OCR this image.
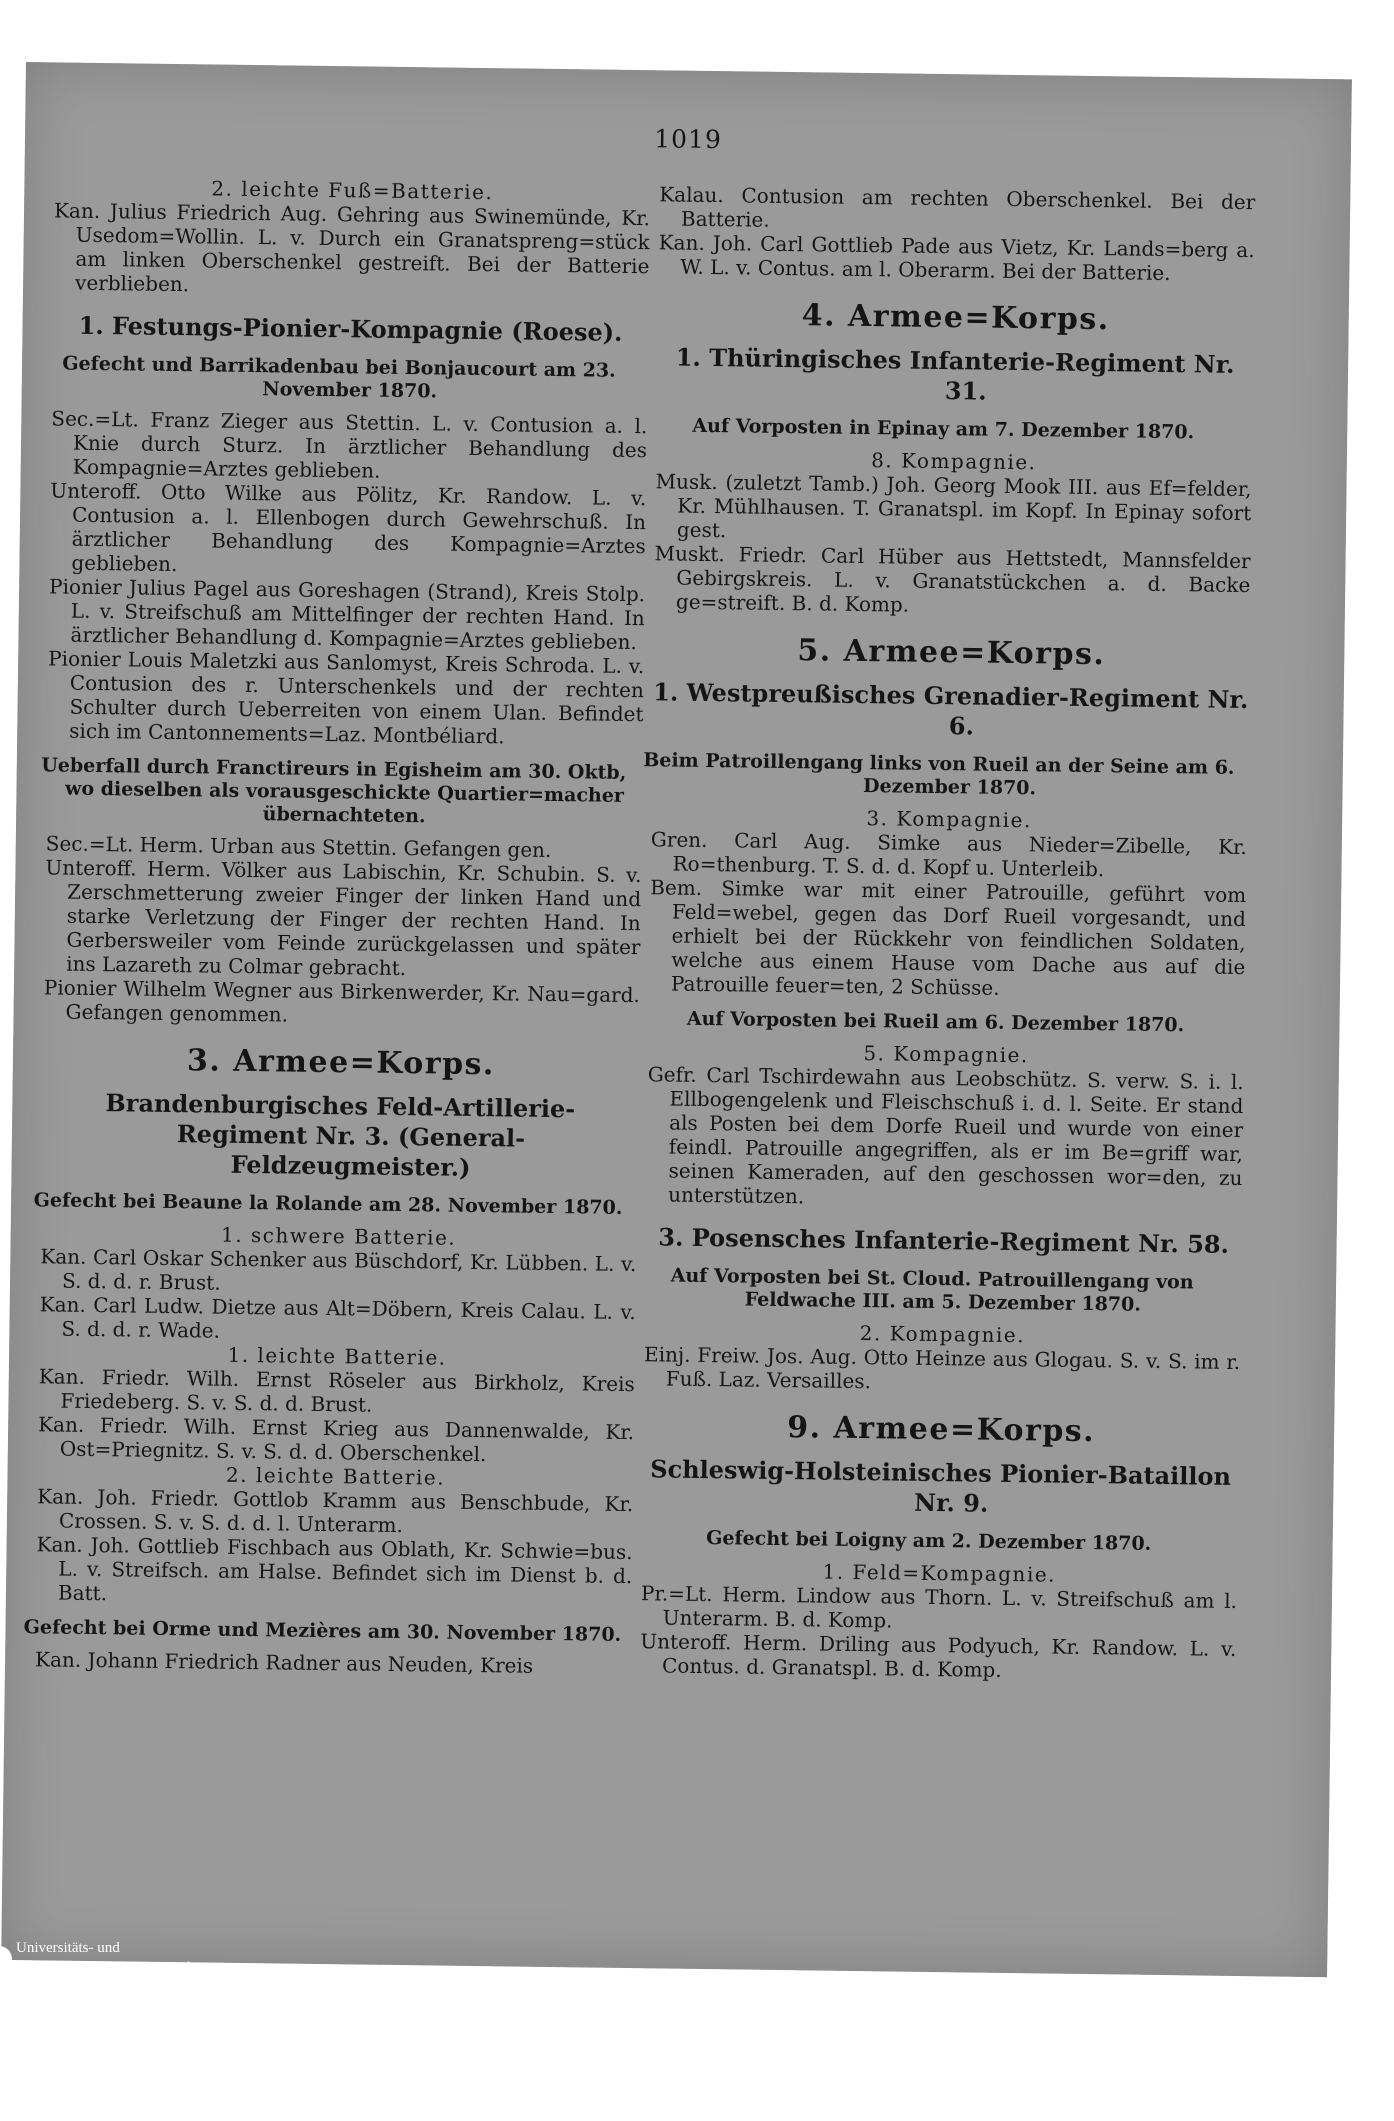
1019

2. leichte Fuß=Batterie.

Kan. Julius Friedrich Aug. Gehring aus Swinemünde, Kr. Usedom=Wollin. L. v. Durch ein Granatspreng=stück am linken Oberschenkel gestreift. Bei der Batterie verblieben.

1. Festungs-Pionier-Kompagnie (Roese).

Gefecht und Barrikadenbau bei Bonjaucourt am 23. November 1870.

Sec.=Lt. Franz Zieger aus Stettin. L. v. Contusion a. l. Knie durch Sturz. In ärztlicher Behandlung des Kompagnie=Arztes geblieben.

Unteroff. Otto Wilke aus Pölitz, Kr. Randow. L. v. Contusion a. l. Ellenbogen durch Gewehrschuß. In ärztlicher Behandlung des Kompagnie=Arztes geblieben.

Pionier Julius Pagel aus Goreshagen (Strand), Kreis Stolp. L. v. Streifschuß am Mittelfinger der rechten Hand. In ärztlicher Behandlung d. Kompagnie=Arztes geblieben.

Pionier Louis Maletzki aus Sanlomyst, Kreis Schroda. L. v. Contusion des r. Unterschenkels und der rechten Schulter durch Ueberreiten von einem Ulan. Befindet sich im Cantonnements=Laz. Montbéliard.

Ueberfall durch Franctireurs in Egisheim am 30. Oktb, wo dieselben als vorausgeschickte Quartier=macher übernachteten.

Sec.=Lt. Herm. Urban aus Stettin. Gefangen gen.

Unteroff. Herm. Völker aus Labischin, Kr. Schubin. S. v. Zerschmetterung zweier Finger der linken Hand und starke Verletzung der Finger der rechten Hand. In Gerbersweiler vom Feinde zurückgelassen und später ins Lazareth zu Colmar gebracht.

Pionier Wilhelm Wegner aus Birkenwerder, Kr. Nau=gard. Gefangen genommen.

3. Armee=Korps.

Brandenburgisches Feld-Artillerie-Regiment Nr. 3. (General-Feldzeugmeister.)

Gefecht bei Beaune la Rolande am 28. November 1870.

1. schwere Batterie.

Kan. Carl Oskar Schenker aus Büschdorf, Kr. Lübben. L. v. S. d. d. r. Brust.

Kan. Carl Ludw. Dietze aus Alt=Döbern, Kreis Calau. L. v. S. d. d. r. Wade.

1. leichte Batterie.

Kan. Friedr. Wilh. Ernst Röseler aus Birkholz, Kreis Friedeberg. S. v. S. d. d. Brust.

Kan. Friedr. Wilh. Ernst Krieg aus Dannenwalde, Kr. Ost=Priegnitz. S. v. S. d. d. Oberschenkel.

2. leichte Batterie.

Kan. Joh. Friedr. Gottlob Kramm aus Benschbude, Kr. Crossen. S. v. S. d. d. l. Unterarm.

Kan. Joh. Gottlieb Fischbach aus Oblath, Kr. Schwie=bus. L. v. Streifsch. am Halse. Befindet sich im Dienst b. d. Batt.

Gefecht bei Orme und Mezières am 30. November 1870.

Kan. Johann Friedrich Radner aus Neuden, Kreis

Kalau. Contusion am rechten Oberschenkel. Bei der Batterie.

Kan. Joh. Carl Gottlieb Pade aus Vietz, Kr. Lands=berg a. W. L. v. Contus. am l. Oberarm. Bei der Batterie.

4. Armee=Korps.

1. Thüringisches Infanterie-Regiment Nr. 31.

Auf Vorposten in Epinay am 7. Dezember 1870.

8. Kompagnie.

Musk. (zuletzt Tamb.) Joh. Georg Mook III. aus Ef=felder, Kr. Mühlhausen. T. Granatspl. im Kopf. In Epinay sofort gest.

Muskt. Friedr. Carl Hüber aus Hettstedt, Mannsfelder Gebirgskreis. L. v. Granatstückchen a. d. Backe ge=streift. B. d. Komp.

5. Armee=Korps.

1. Westpreußisches Grenadier-Regiment Nr. 6.

Beim Patroillengang links von Rueil an der Seine am 6. Dezember 1870.

3. Kompagnie.

Gren. Carl Aug. Simke aus Nieder=Zibelle, Kr. Ro=thenburg. T. S. d. d. Kopf u. Unterleib.

Bem. Simke war mit einer Patrouille, geführt vom Feld=webel, gegen das Dorf Rueil vorgesandt, und erhielt bei der Rückkehr von feindlichen Soldaten, welche aus einem Hause vom Dache aus auf die Patrouille feuer=ten, 2 Schüsse.

Auf Vorposten bei Rueil am 6. Dezember 1870.

5. Kompagnie.

Gefr. Carl Tschirdewahn aus Leobschütz. S. verw. S. i. l. Ellbogengelenk und Fleischschuß i. d. l. Seite. Er stand als Posten bei dem Dorfe Rueil und wurde von einer feindl. Patrouille angegriffen, als er im Be=griff war, seinen Kameraden, auf den geschossen wor=den, zu unterstützen.

3. Posensches Infanterie-Regiment Nr. 58.

Auf Vorposten bei St. Cloud. Patrouillengang von Feldwache III. am 5. Dezember 1870.

2. Kompagnie.

Einj. Freiw. Jos. Aug. Otto Heinze aus Glogau. S. v. S. im r. Fuß. Laz. Versailles.

9. Armee=Korps.

Schleswig-Holsteinisches Pionier-Bataillon Nr. 9.

Gefecht bei Loigny am 2. Dezember 1870.

1. Feld=Kompagnie.

Pr.=Lt. Herm. Lindow aus Thorn. L. v. Streifschuß am l. Unterarm. B. d. Komp.

Unteroff. Herm. Driling aus Podyuch, Kr. Randow. L. v. Contus. d. Granatspl. B. d. Komp.

Universitäts- und
Landesbibliothek Düsseldorf
